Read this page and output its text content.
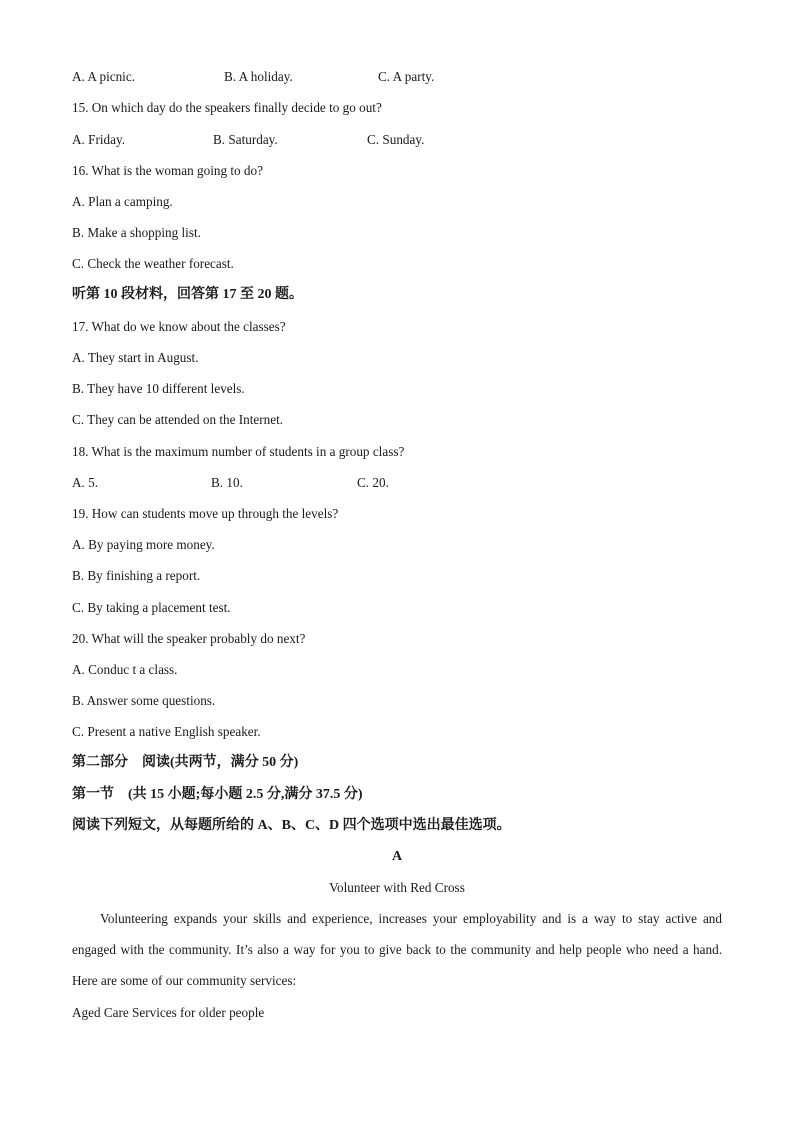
A. A picnic.	B. A holiday.	C. A party.
15. On which day do the speakers finally decide to go out?
A. Friday.	B. Saturday.	C. Sunday.
16. What is the woman going to do?
A. Plan a camping.
B. Make a shopping list.
C. Check the weather forecast.
听第 10 段材料，回答第 17 至 20 题。
17. What do we know about the classes?
A. They start in August.
B. They have 10 different levels.
C. They can be attended on the Internet.
18. What is the maximum number of students in a group class?
A. 5.	B. 10.	C. 20.
19. How can students move up through the levels?
A. By paying more money.
B. By finishing a report.
C. By taking a placement test.
20. What will the speaker probably do next?
A. Conduc t a class.
B. Answer some questions.
C. Present a native English speaker.
第二部分　阅读(共两节，满分 50 分)
第一节　(共 15 小题;每小题 2.5 分,满分 37.5 分)
阅读下列短文，从每题所给的 A、B、C、D 四个选项中选出最佳选项。
A
Volunteer with Red Cross
Volunteering expands your skills and experience, increases your employability and is a way to stay active and engaged with the community. It’s also a way for you to give back to the community and help people who need a hand. Here are some of our community services:
Aged Care Services for older people
